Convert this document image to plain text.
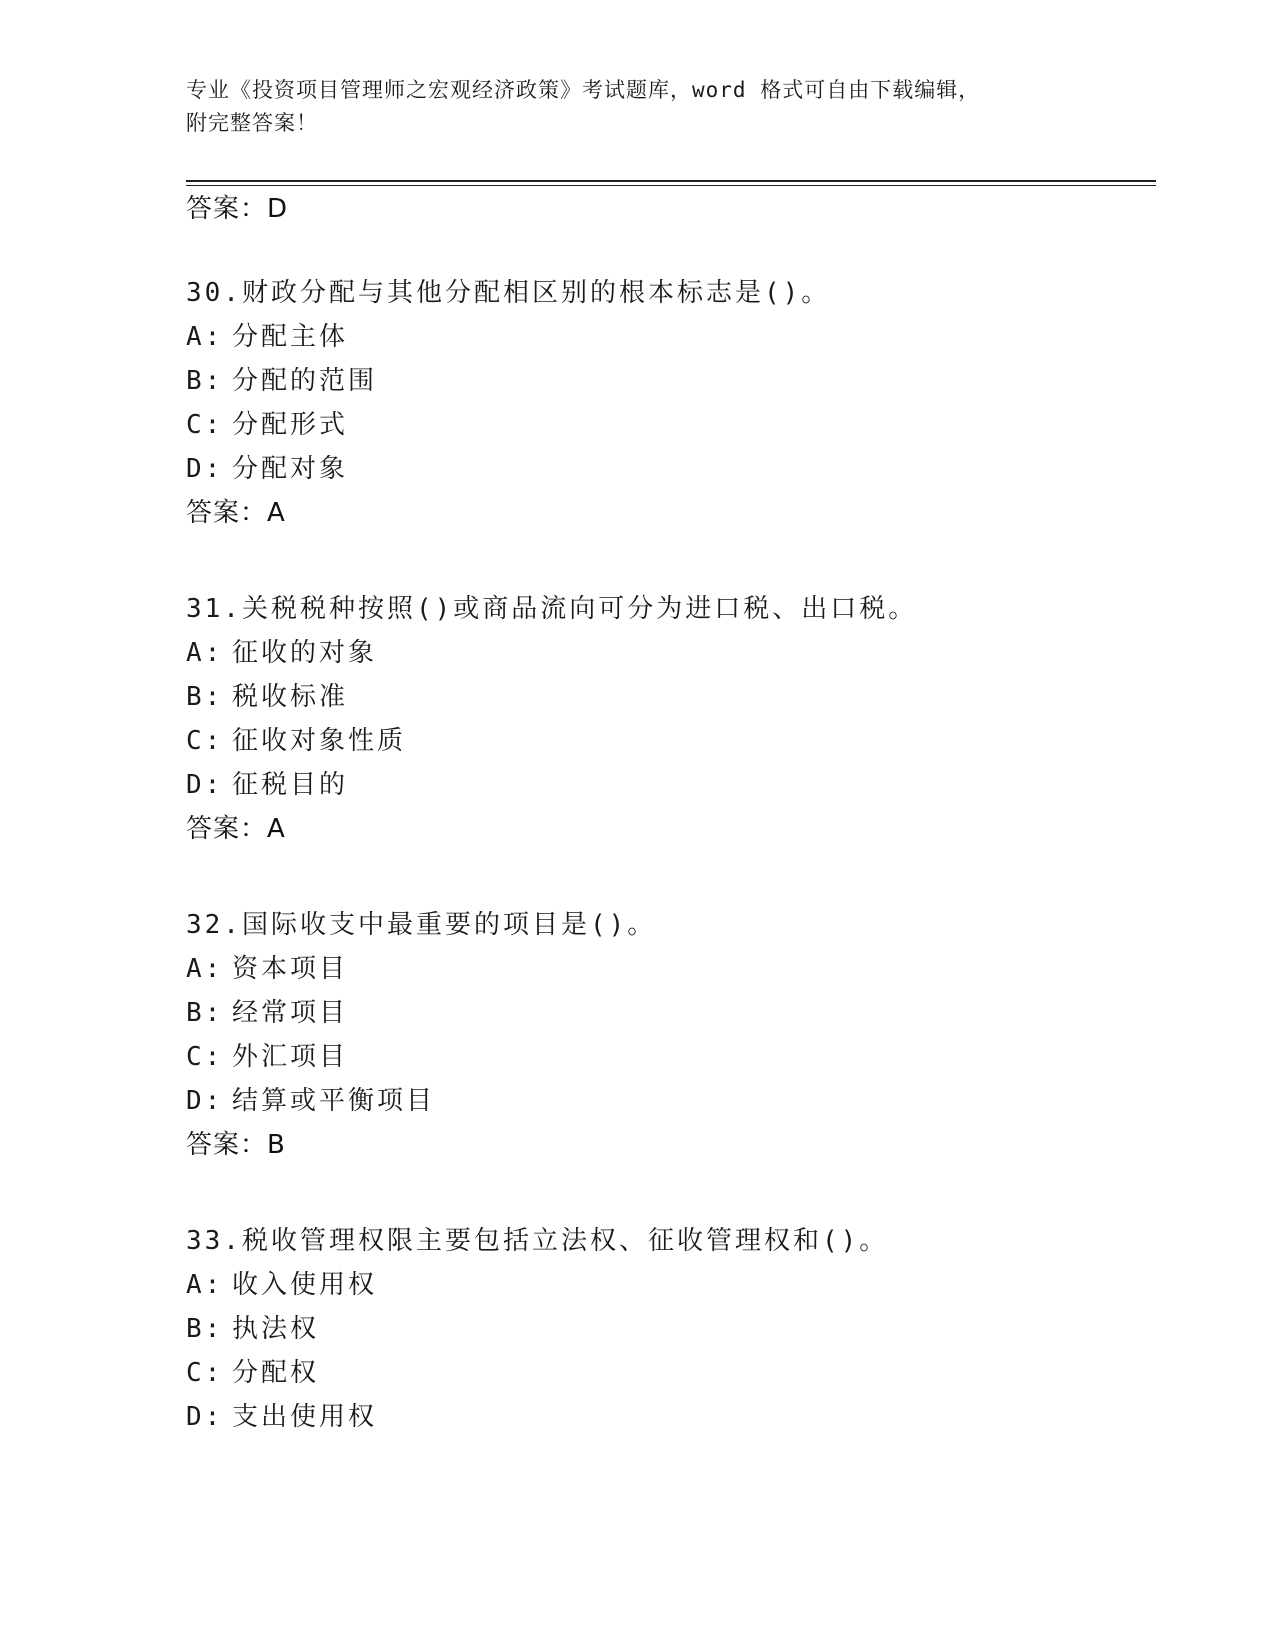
专业《投资项目管理师之宏观经济政策》考试题库，word 格式可自由下载编辑，
附完整答案！
答案：D
30.财政分配与其他分配相区别的根本标志是()。
A: 分配主体
B: 分配的范围
C: 分配形式
D: 分配对象
答案：A
31.关税税种按照()或商品流向可分为进口税、出口税。
A: 征收的对象
B: 税收标准
C: 征收对象性质
D: 征税目的
答案：A
32.国际收支中最重要的项目是()。
A: 资本项目
B: 经常项目
C: 外汇项目
D: 结算或平衡项目
答案：B
33.税收管理权限主要包括立法权、征收管理权和()。
A: 收入使用权
B: 执法权
C: 分配权
D: 支出使用权
